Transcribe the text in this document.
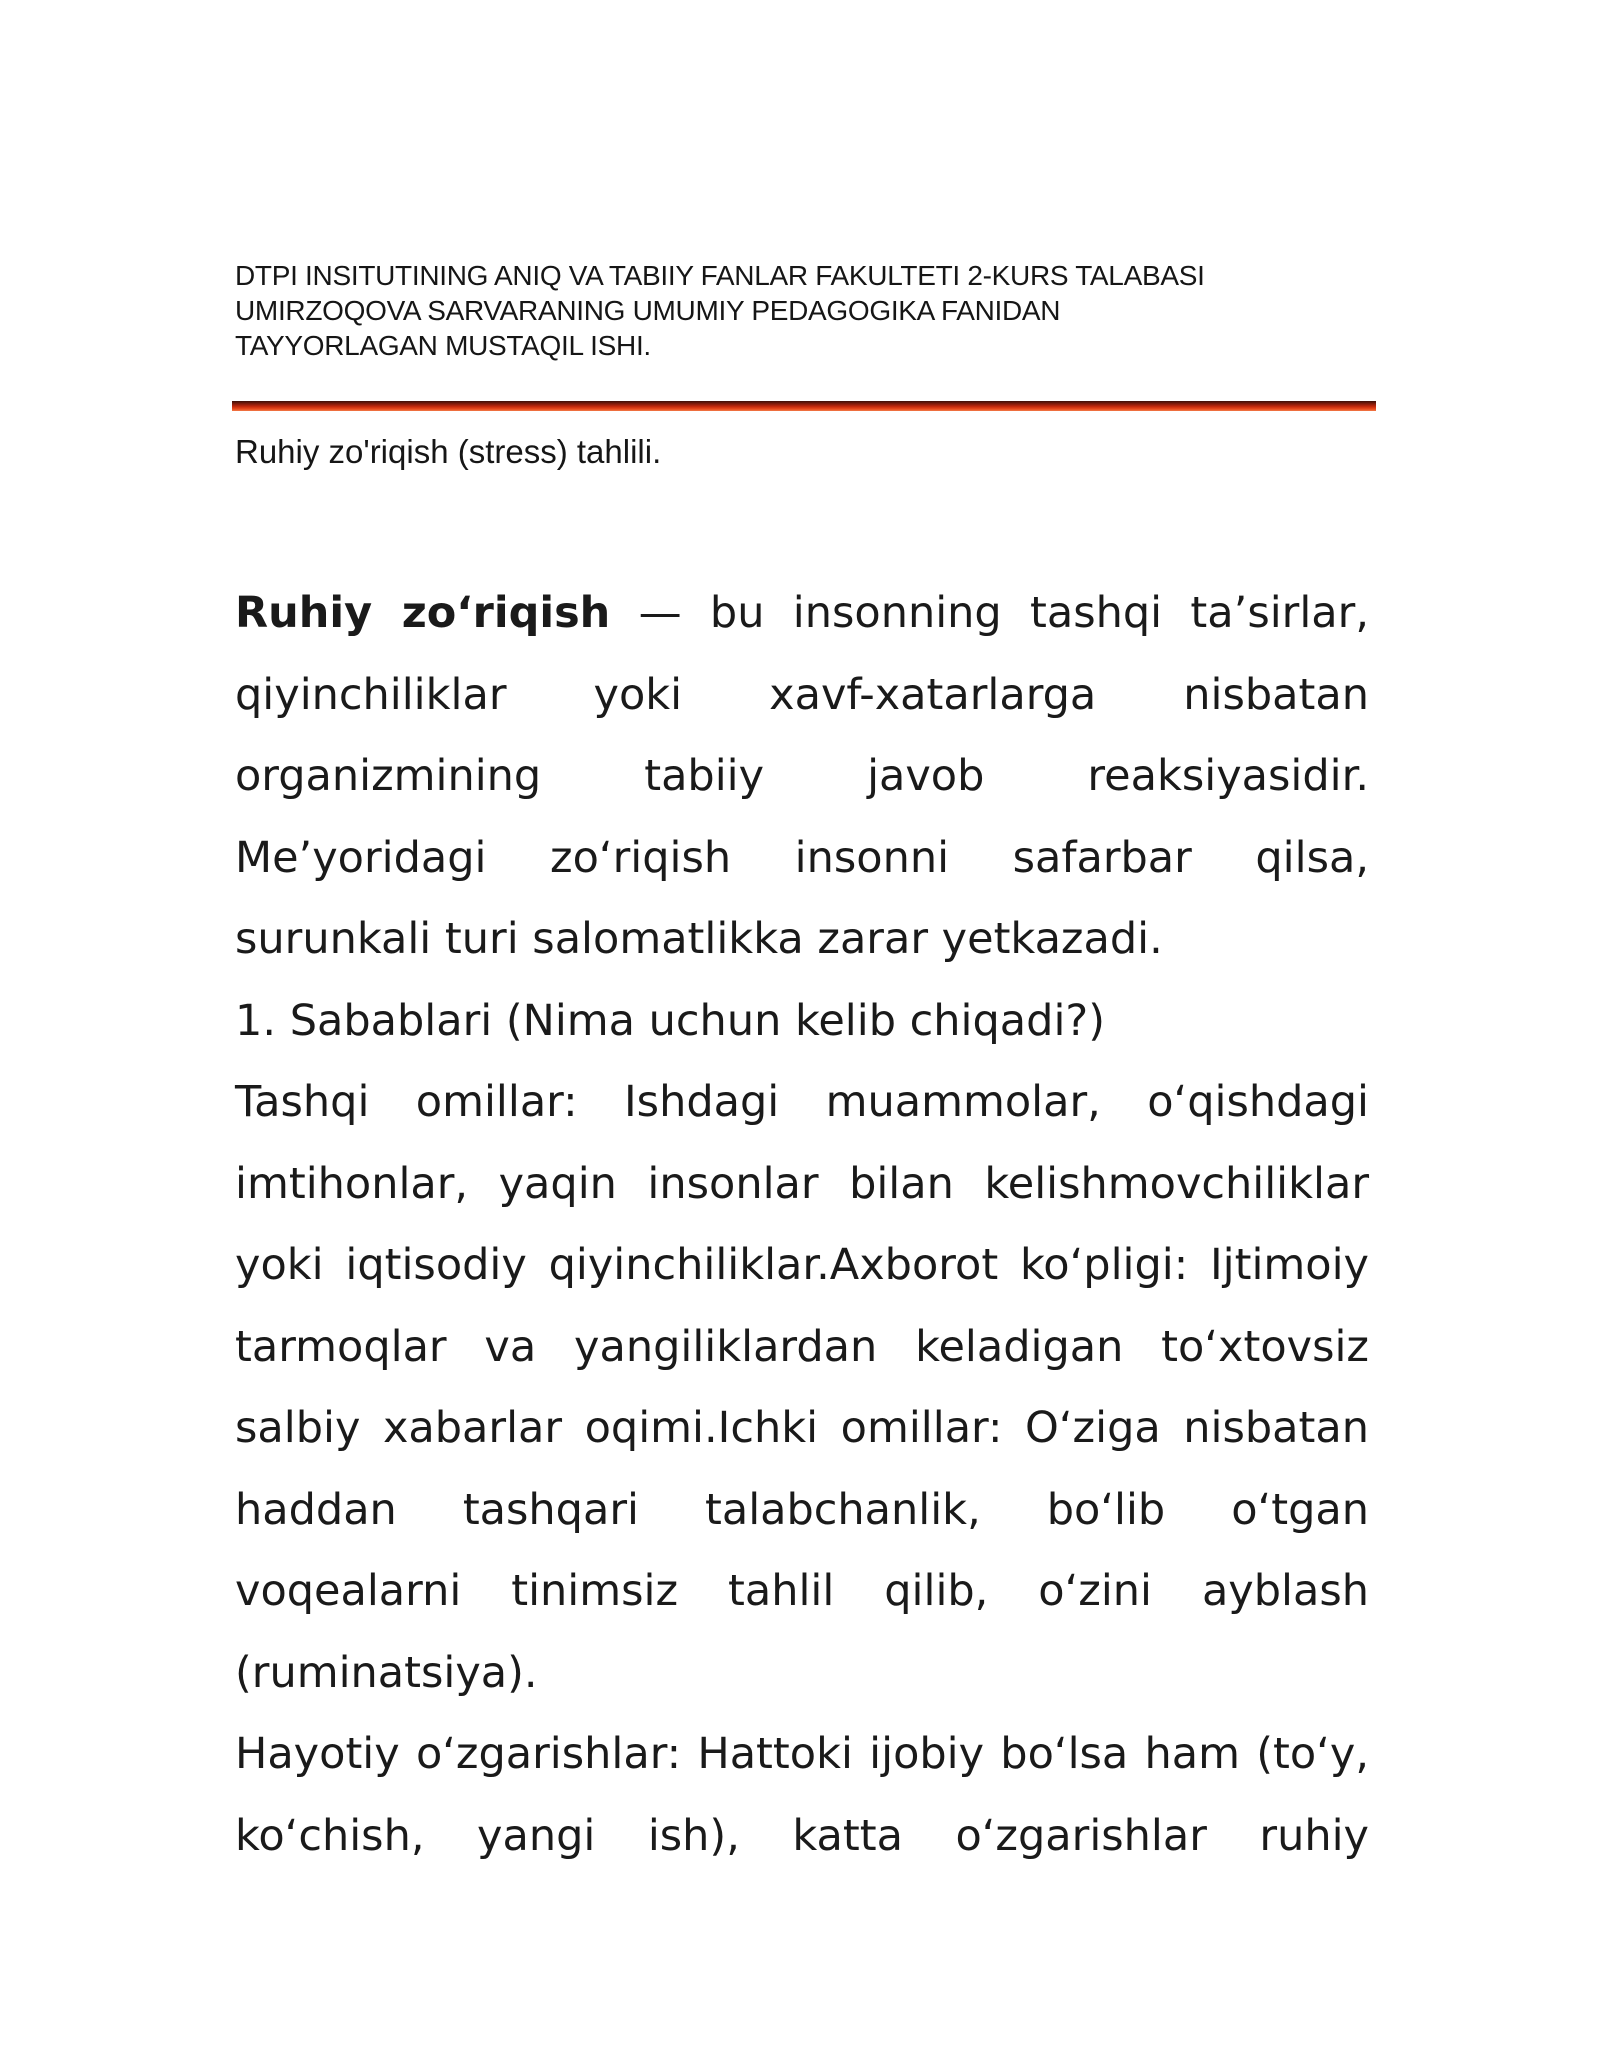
DTPI INSITUTINING ANIQ VA TABIIY FANLAR FAKULTETI 2-KURS TALABASI
UMIRZOQOVA SARVARANING UMUMIY PEDAGOGIKA FANIDAN
TAYYORLAGAN MUSTAQIL ISHI.
Ruhiy zo'riqish (stress) tahlili.
Ruhiy zo‘riqish — bu insonning tashqi ta’sirlar,
qiyinchiliklar yoki xavf-xatarlarga nisbatan
organizmining tabiiy javob reaksiyasidir.
Me’yoridagi zo‘riqish insonni safarbar qilsa,
surunkali turi salomatlikka zarar yetkazadi.
1. Sabablari (Nima uchun kelib chiqadi?)
Tashqi omillar: Ishdagi muammolar, o‘qishdagi
imtihonlar, yaqin insonlar bilan kelishmovchiliklar
yoki iqtisodiy qiyinchiliklar.Axborot ko‘pligi: Ijtimoiy
tarmoqlar va yangiliklardan keladigan to‘xtovsiz
salbiy xabarlar oqimi.Ichki omillar: O‘ziga nisbatan
haddan tashqari talabchanlik, bo‘lib o‘tgan
voqealarni tinimsiz tahlil qilib, o‘zini ayblash
(ruminatsiya).
Hayotiy o‘zgarishlar: Hattoki ijobiy bo‘lsa ham (to‘y,
ko‘chish, yangi ish), katta o‘zgarishlar ruhiy
